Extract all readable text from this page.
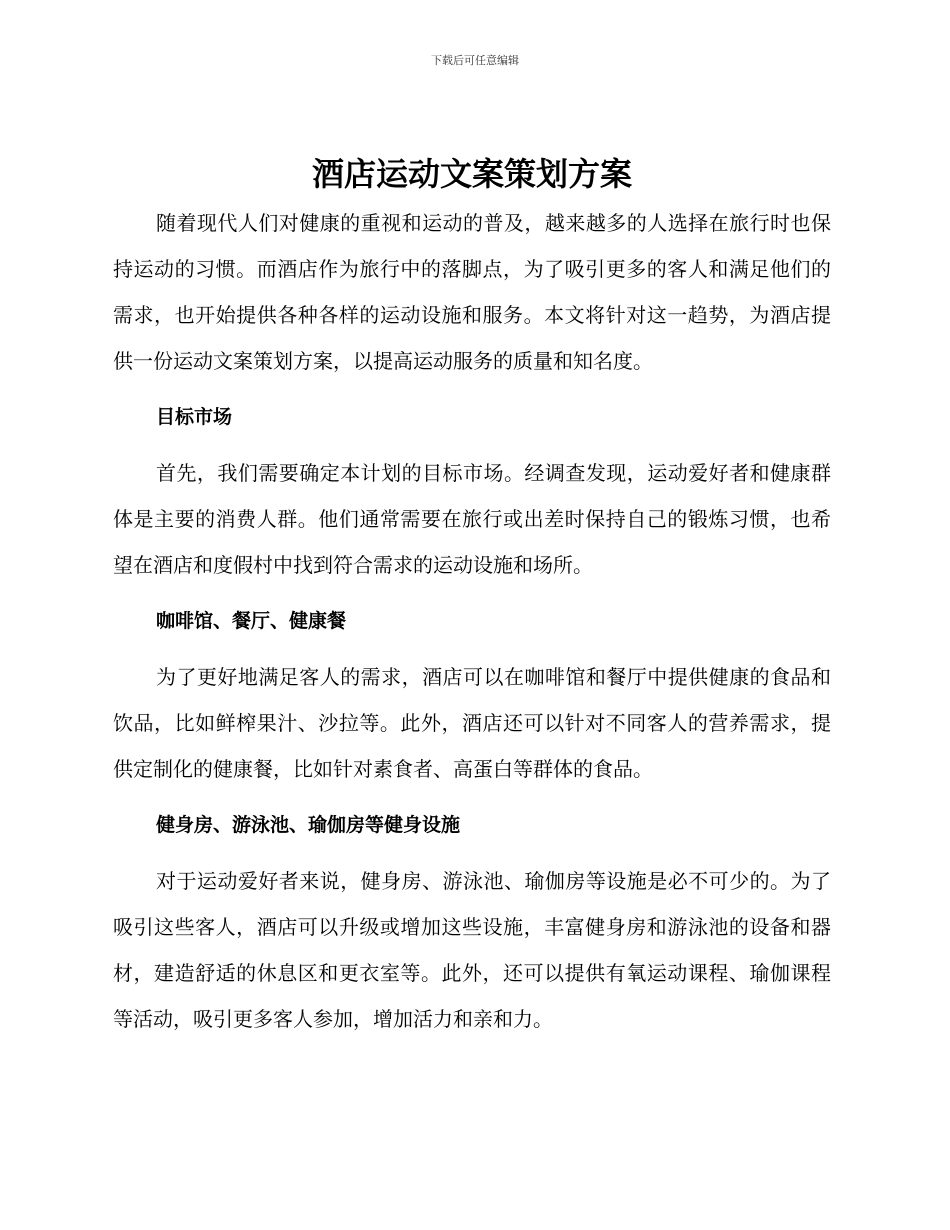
下载后可任意编辑
酒店运动文案策划方案

随着现代人们对健康的重视和运动的普及，越来越多的人选择在旅行时也保持运动的习惯。而酒店作为旅行中的落脚点，为了吸引更多的客人和满足他们的需求，也开始提供各种各样的运动设施和服务。本文将针对这一趋势，为酒店提供一份运动文案策划方案，以提高运动服务的质量和知名度。

目标市场

首先，我们需要确定本计划的目标市场。经调查发现，运动爱好者和健康群体是主要的消费人群。他们通常需要在旅行或出差时保持自己的锻炼习惯，也希望在酒店和度假村中找到符合需求的运动设施和场所。

咖啡馆、餐厅、健康餐

为了更好地满足客人的需求，酒店可以在咖啡馆和餐厅中提供健康的食品和饮品，比如鲜榨果汁、沙拉等。此外，酒店还可以针对不同客人的营养需求，提供定制化的健康餐，比如针对素食者、高蛋白等群体的食品。

健身房、游泳池、瑜伽房等健身设施

对于运动爱好者来说，健身房、游泳池、瑜伽房等设施是必不可少的。为了吸引这些客人，酒店可以升级或增加这些设施，丰富健身房和游泳池的设备和器材，建造舒适的休息区和更衣室等。此外，还可以提供有氧运动课程、瑜伽课程等活动，吸引更多客人参加，增加活力和亲和力。
